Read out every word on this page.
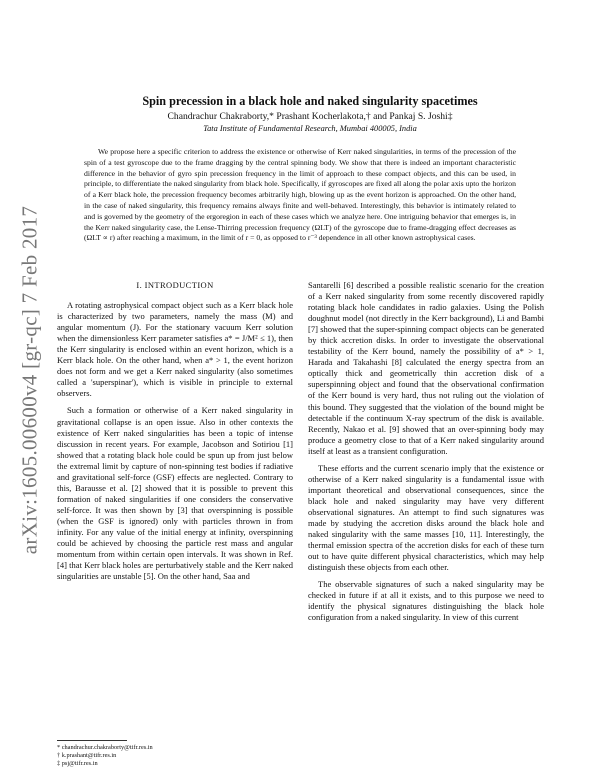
arXiv:1605.00600v4 [gr-qc] 7 Feb 2017
Spin precession in a black hole and naked singularity spacetimes
Chandrachur Chakraborty,* Prashant Kocherlakota,† and Pankaj S. Joshi‡
Tata Institute of Fundamental Research, Mumbai 400005, India
We propose here a specific criterion to address the existence or otherwise of Kerr naked singularities, in terms of the precession of the spin of a test gyroscope due to the frame dragging by the central spinning body. We show that there is indeed an important characteristic difference in the behavior of gyro spin precession frequency in the limit of approach to these compact objects, and this can be used, in principle, to differentiate the naked singularity from black hole. Specifically, if gyroscopes are fixed all along the polar axis upto the horizon of a Kerr black hole, the precession frequency becomes arbitrarily high, blowing up as the event horizon is approached. On the other hand, in the case of naked singularity, this frequency remains always finite and well-behaved. Interestingly, this behavior is intimately related to and is governed by the geometry of the ergoregion in each of these cases which we analyze here. One intriguing behavior that emerges is, in the Kerr naked singularity case, the Lense-Thirring precession frequency (ΩLT) of the gyroscope due to frame-dragging effect decreases as (ΩLT ∝ r) after reaching a maximum, in the limit of r = 0, as opposed to r⁻³ dependence in all other known astrophysical cases.
I. INTRODUCTION

A rotating astrophysical compact object such as a Kerr black hole is characterized by two parameters, namely the mass (M) and angular momentum (J). For the stationary vacuum Kerr solution when the dimensionless Kerr parameter satisfies a* = J/M² ≤ 1), then the Kerr singularity is enclosed within an event horizon, which is a Kerr black hole. On the other hand, when a* > 1, the event horizon does not form and we get a Kerr naked singularity (also sometimes called a 'superspinar'), which is visible in principle to external observers.

Such a formation or otherwise of a Kerr naked singularity in gravitational collapse is an open issue. Also in other contexts the existence of Kerr naked singularities has been a topic of intense discussion in recent years. For example, Jacobson and Sotiriou [1] showed that a rotating black hole could be spun up from just below the extremal limit by capture of non-spinning test bodies if radiative and gravitational self-force (GSF) effects are neglected. Contrary to this, Barausse et al. [2] showed that it is possible to prevent this formation of naked singularities if one considers the conservative self-force. It was then shown by [3] that overspinning is possible (when the GSF is ignored) only with particles thrown in from infinity. For any value of the initial energy at infinity, overspinning could be achieved by choosing the particle rest mass and angular momentum from within certain open intervals. It was shown in Ref.[4] that Kerr black holes are perturbatively stable and the Kerr naked singularities are unstable [5]. On the other hand, Saa and

Santarelli [6] described a possible realistic scenario for the creation of a Kerr naked singularity from some recently discovered rapidly rotating black hole candidates in radio galaxies. Using the Polish doughnut model (not directly in the Kerr background), Li and Bambi [7] showed that the super-spinning compact objects can be generated by thick accretion disks. In order to investigate the observational testability of the Kerr bound, namely the possibility of a* > 1, Harada and Takahashi [8] calculated the energy spectra from an optically thick and geometrically thin accretion disk of a superspinning object and found that the observational confirmation of the Kerr bound is very hard, thus not ruling out the violation of this bound. They suggested that the violation of the bound might be detectable if the continuum X-ray spectrum of the disk is available. Recently, Nakao et al. [9] showed that an over-spinning body may produce a geometry close to that of a Kerr naked singularity around itself at least as a transient configuration.

These efforts and the current scenario imply that the existence or otherwise of a Kerr naked singularity is a fundamental issue with important theoretical and observational consequences, since the black hole and naked singularity may have very different observational signatures. An attempt to find such signatures was made by studying the accretion disks around the black hole and naked singularity with the same masses [10, 11]. Interestingly, the thermal emission spectra of the accretion disks for each of these turn out to have quite different physical characteristics, which may help distinguish these objects from each other.

The observable signatures of such a naked singularity may be checked in future if at all it exists, and to this purpose we need to identify the physical signatures distinguishing the black hole configuration from a naked singularity. In view of this current

* chandrachur.chakraborty@tifr.res.in
† k.prashant@tifr.res.in
‡ psj@tifr.res.in
